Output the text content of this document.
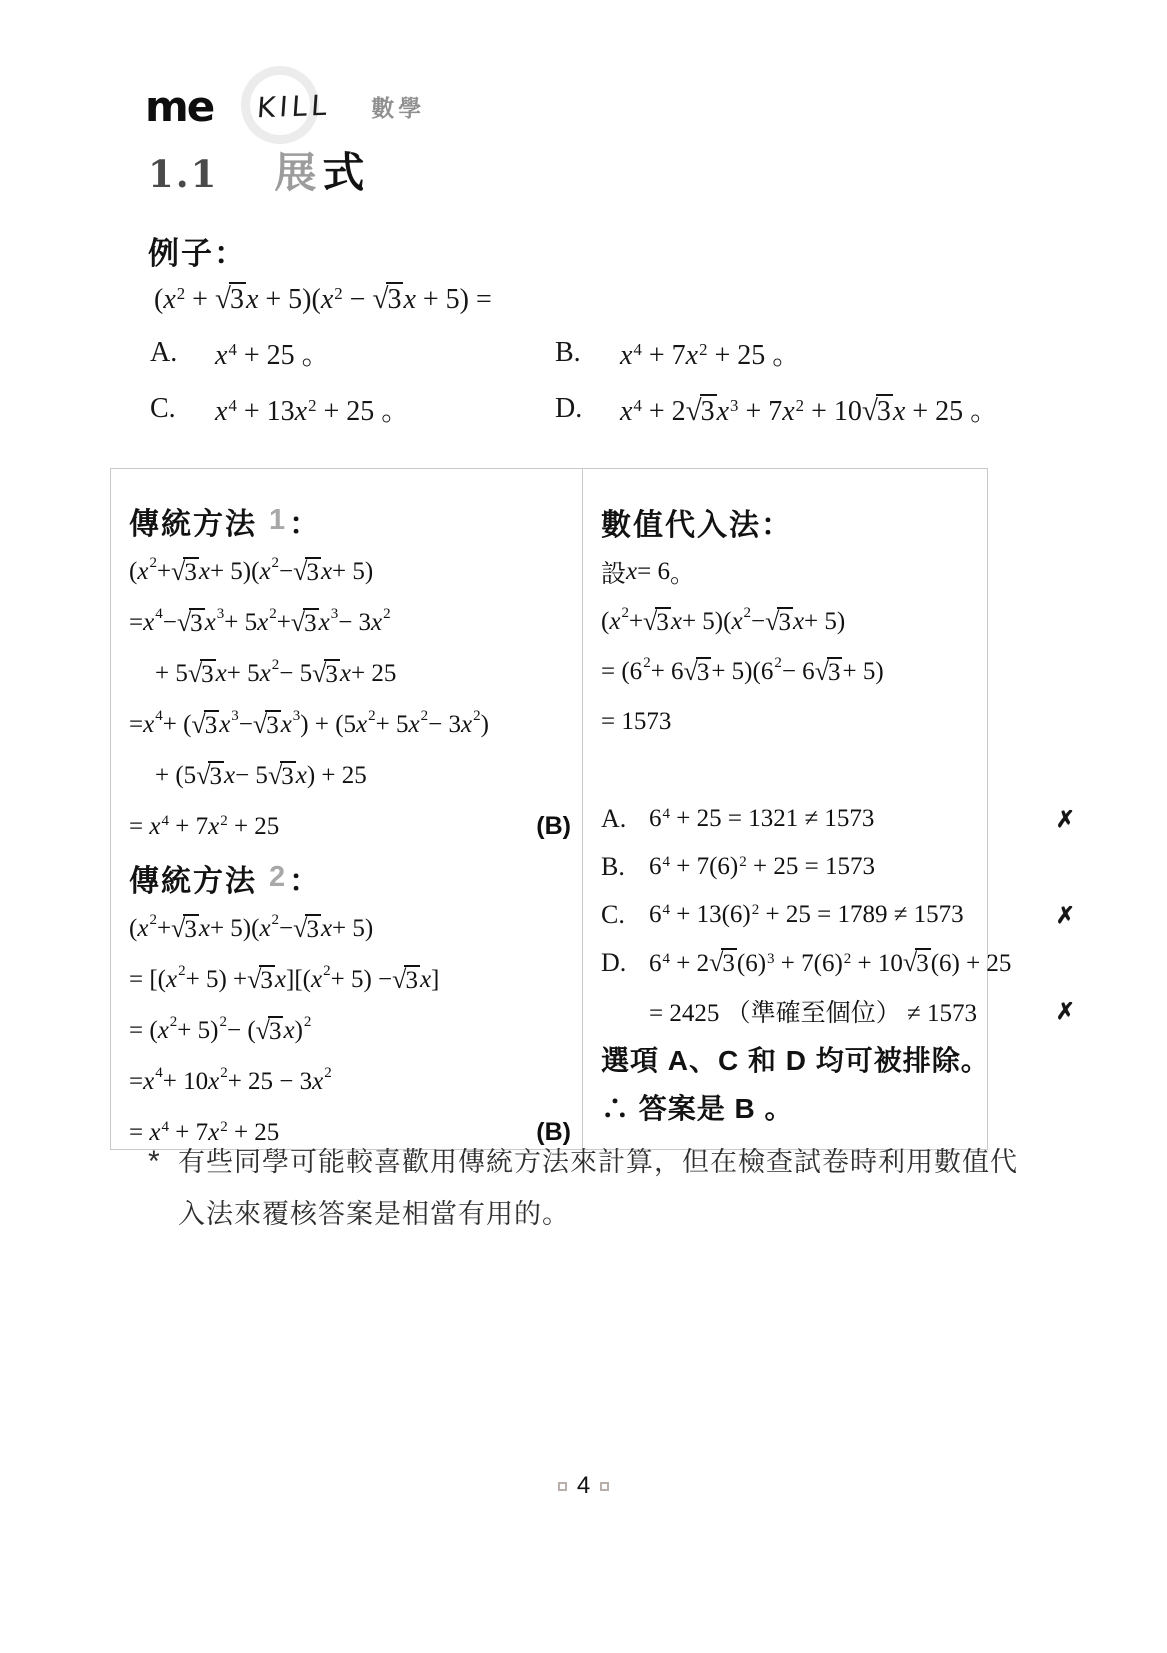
me KILL 數學
1.1 展式
例子：
$(x^2 + √3x + 5)(x^2 - √3x + 5)$ =
A.	$x^4 + 25$ 。	B.	$x^4 + 7x^2 + 25$ 。
C.	$x^4 + 13x^2 + 25$ 。	D.	$x^4 + 2√3x^3 + 7x^2 + 10√3x + 25$ 。
傳統方法 1 ：
( $x^2 + √3$ x + 5)( $x^2 - √3$ x + 5)
= $x^4 - √3$ $x^3 + 5$ $x^2 + √3$ $x^3 - 3$ $x^2$
+ 5 √3 x + 5 $x^2 - 5$ √3 x + 25
= $x^4$ + ( √3 $x^3 - √3$ $x^3$ ) + (5 $x^2 + 5$ $x^2 - 3$ $x^2$ )
+ (5 √3 x − 5 √3 x ) + 25
= $x^4 + 7x^2 + 25$	(B)
傳統方法 2 ：
( $x^2 + √3$ x + 5)( $x^2 - √3$ x + 5)
= [( $x^2 + 5) + √3$ x ][( $x^2 + 5) - √3$ x ]
= ( $x^2 + 5)^2$ − ( √3 x )$^2$
= $x^4 + 10$ $x^2 + 25 - 3$ $x^2$
= $x^4 + 7x^2 + 25$	(B)
數值代入法：
設 x = 6 。
( $x^2 + √3$ x + 5)( $x^2 - √3$ x + 5)
= ($6^2 + 6$ $√3 + 5)(6^2 - 6$ √3 + 5)
= 1573
A. $6^4 + 25 = 1321 \ne 1573$	✗
B. $6^4 + 7(6)^2 + 25 = 1573$
C. $6^4 + 13(6)^2 + 25 = 1789 \ne 1573$	✗
D. $6^4 + 2√3(6)^3 + 7(6)^2 + 10√3(6) + 25$
= 2425 （準確至個位） ≠ 1573	✗
選項 A、C 和 D 均可被排除。
∴ 答案是 B 。
* 有些同學可能較喜歡用傳統方法來計算，但在檢查試卷時利用數值代
入法來覆核答案是相當有用的。
4
